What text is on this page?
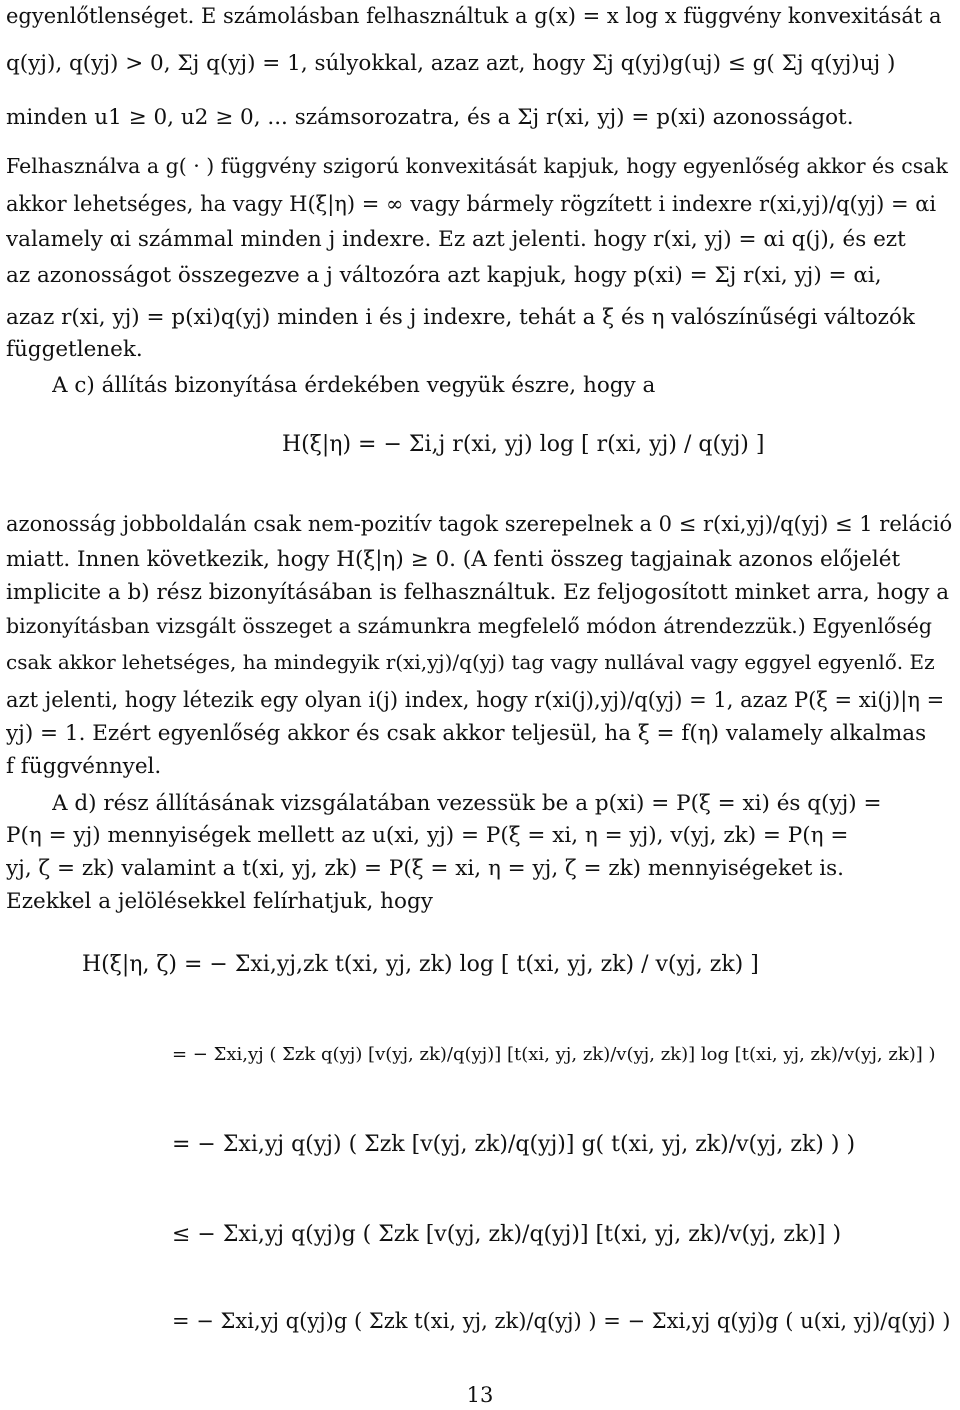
egyenlőtlenséget. E számolásban felhasználtuk a g(x) = x log x függvény konvexitását a
q(yj), q(yj) > 0, Σj q(yj) = 1, súlyokkal, azaz azt, hogy Σj q(yj)g(uj) ≤ g( Σj q(yj)uj )
minden u1 ≥ 0, u2 ≥ 0, ... számsorozatra, és a Σj r(xi, yj) = p(xi) azonosságot.
Felhasználva a g( · ) függvény szigorú konvexitását kapjuk, hogy egyenlőség akkor és csak
akkor lehetséges, ha vagy H(ξ|η) = ∞ vagy bármely rögzített i indexre r(xi,yj)/q(yj) = αi
valamely αi számmal minden j indexre. Ez azt jelenti. hogy r(xi, yj) = αi q(j), és ezt
az azonosságot összegezve a j változóra azt kapjuk, hogy p(xi) = Σj r(xi, yj) = αi,
azaz r(xi, yj) = p(xi)q(yj) minden i és j indexre, tehát a ξ és η valószínűségi változók
függetlenek.
A c) állítás bizonyítása érdekében vegyük észre, hogy a
H(ξ|η) = − Σi,j r(xi, yj) log [ r(xi, yj) / q(yj) ]
azonosság jobboldalán csak nem-pozitív tagok szerepelnek a 0 ≤ r(xi,yj)/q(yj) ≤ 1 reláció
miatt. Innen következik, hogy H(ξ|η) ≥ 0. (A fenti összeg tagjainak azonos előjelét
implicite a b) rész bizonyításában is felhasználtuk. Ez feljogosított minket arra, hogy a
bizonyításban vizsgált összeget a számunkra megfelelő módon átrendezzük.) Egyenlőség
csak akkor lehetséges, ha mindegyik r(xi,yj)/q(yj) tag vagy nullával vagy eggyel egyenlő. Ez
azt jelenti, hogy létezik egy olyan i(j) index, hogy r(xi(j),yj)/q(yj) = 1, azaz P(ξ = xi(j)|η =
yj) = 1. Ezért egyenlőség akkor és csak akkor teljesül, ha ξ = f(η) valamely alkalmas
f függvénnyel.
A d) rész állításának vizsgálatában vezessük be a p(xi) = P(ξ = xi) és q(yj) =
P(η = yj) mennyiségek mellett az u(xi, yj) = P(ξ = xi, η = yj), v(yj, zk) = P(η =
yj, ζ = zk) valamint a t(xi, yj, zk) = P(ξ = xi, η = yj, ζ = zk) mennyiségeket is.
Ezekkel a jelölésekkel felírhatjuk, hogy
H(ξ|η, ζ) = − Σxi,yj,zk t(xi, yj, zk) log [ t(xi, yj, zk) / v(yj, zk) ]
= − Σxi,yj ( Σzk q(yj) [v(yj, zk)/q(yj)] [t(xi, yj, zk)/v(yj, zk)] log [t(xi, yj, zk)/v(yj, zk)] )
= − Σxi,yj q(yj) ( Σzk [v(yj, zk)/q(yj)] g( t(xi, yj, zk)/v(yj, zk) ) )
≤ − Σxi,yj q(yj)g ( Σzk [v(yj, zk)/q(yj)] [t(xi, yj, zk)/v(yj, zk)] )
= − Σxi,yj q(yj)g ( Σzk t(xi, yj, zk)/q(yj) ) = − Σxi,yj q(yj)g ( u(xi, yj)/q(yj) )
13
